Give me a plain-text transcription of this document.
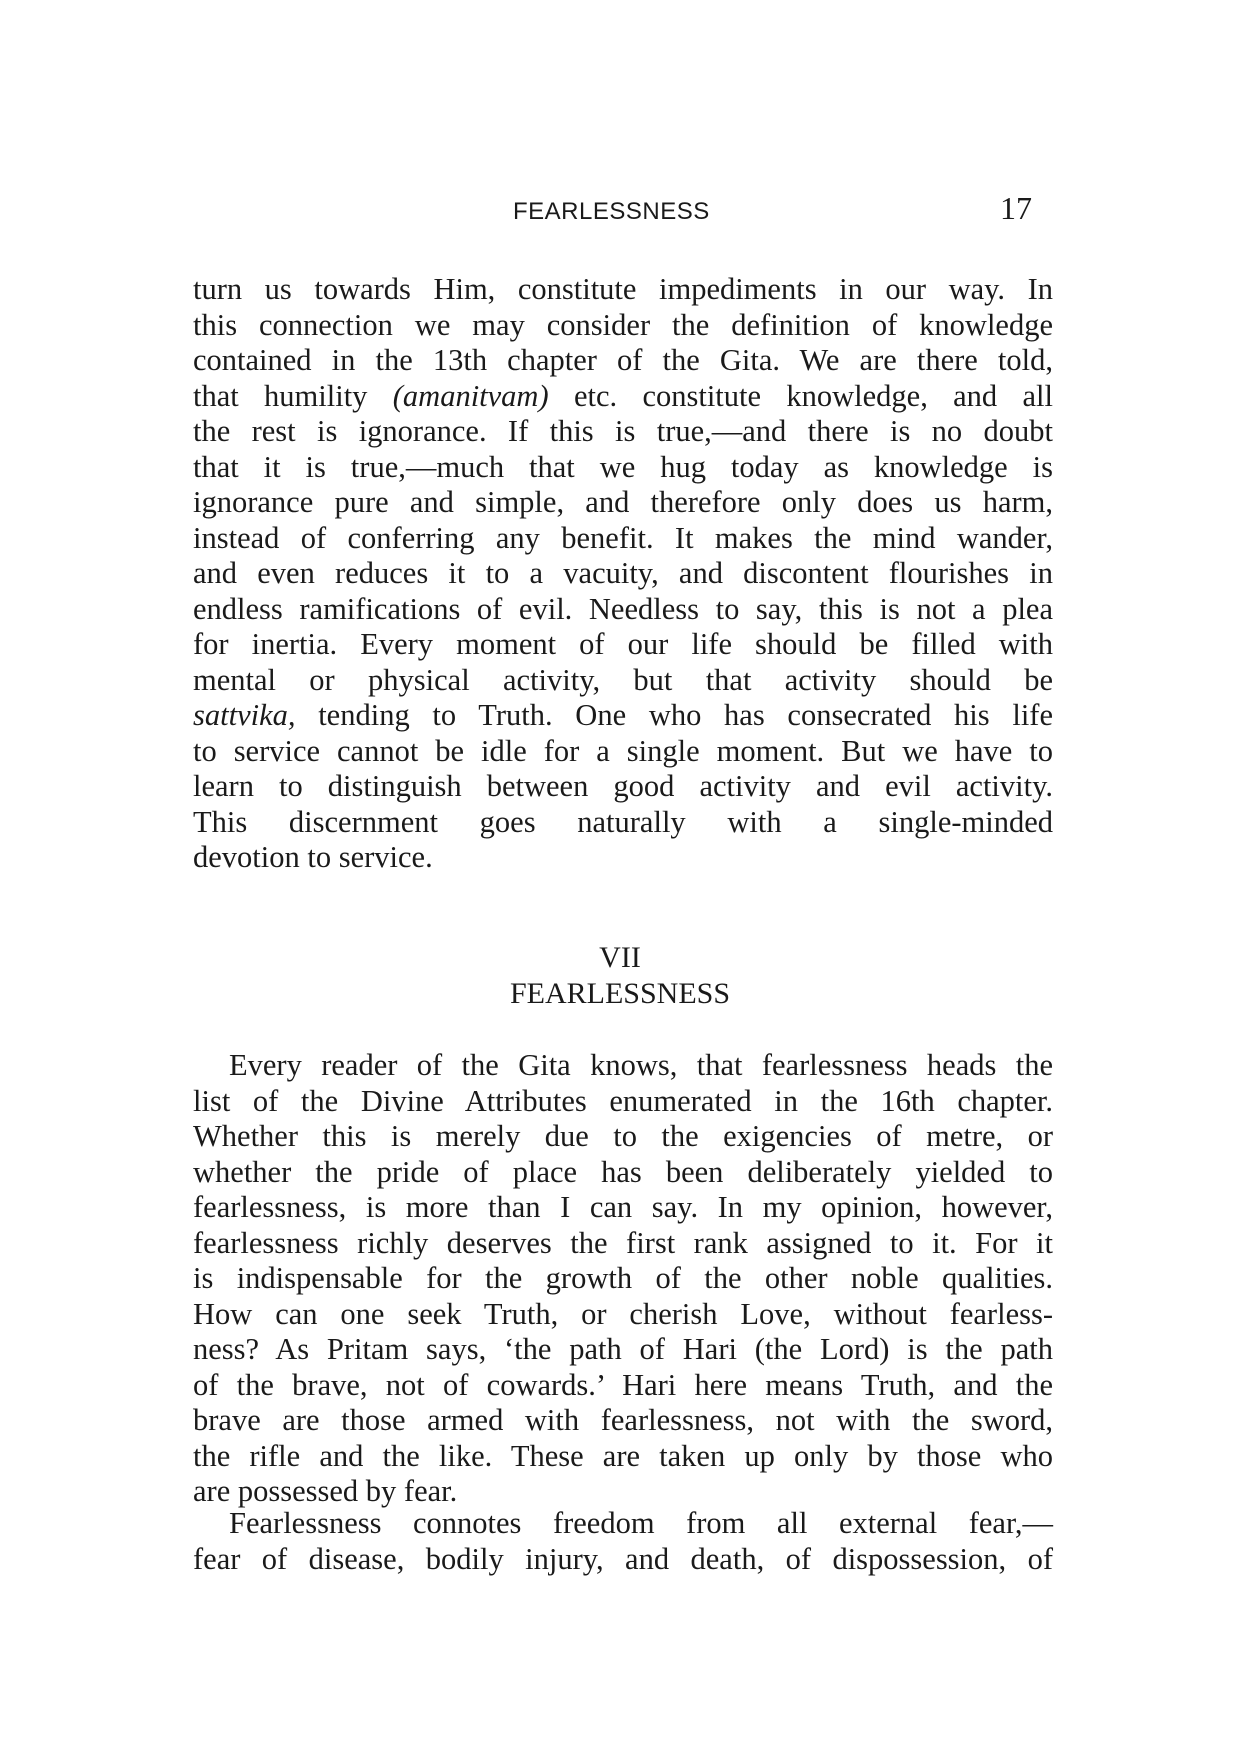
FEARLESSNESS	17
turn us towards Him, constitute impediments in our way. In
this connection we may consider the definition of knowledge
contained in the 13th chapter of the Gita. We are there told,
that humility (amanitvam) etc. constitute knowledge, and all
the rest is ignorance. If this is true,—and there is no doubt
that it is true,—much that we hug today as knowledge is
ignorance pure and simple, and therefore only does us harm,
instead of conferring any benefit. It makes the mind wander,
and even reduces it to a vacuity, and discontent flourishes in
endless ramifications of evil. Needless to say, this is not a plea
for inertia. Every moment of our life should be filled with
mental or physical activity, but that activity should be
sattvika, tending to Truth. One who has consecrated his life
to service cannot be idle for a single moment. But we have to
learn to distinguish between good activity and evil activity.
This discernment goes naturally with a single-minded
devotion to service.
VII
FEARLESSNESS
Every reader of the Gita knows, that fearlessness heads the
list of the Divine Attributes enumerated in the 16th chapter.
Whether this is merely due to the exigencies of metre, or
whether the pride of place has been deliberately yielded to
fearlessness, is more than I can say. In my opinion, however,
fearlessness richly deserves the first rank assigned to it. For it
is indispensable for the growth of the other noble qualities.
How can one seek Truth, or cherish Love, without fearless-
ness? As Pritam says, ‘the path of Hari (the Lord) is the path
of the brave, not of cowards.’ Hari here means Truth, and the
brave are those armed with fearlessness, not with the sword,
the rifle and the like. These are taken up only by those who
are possessed by fear.
Fearlessness connotes freedom from all external fear,—
fear of disease, bodily injury, and death, of dispossession, of
